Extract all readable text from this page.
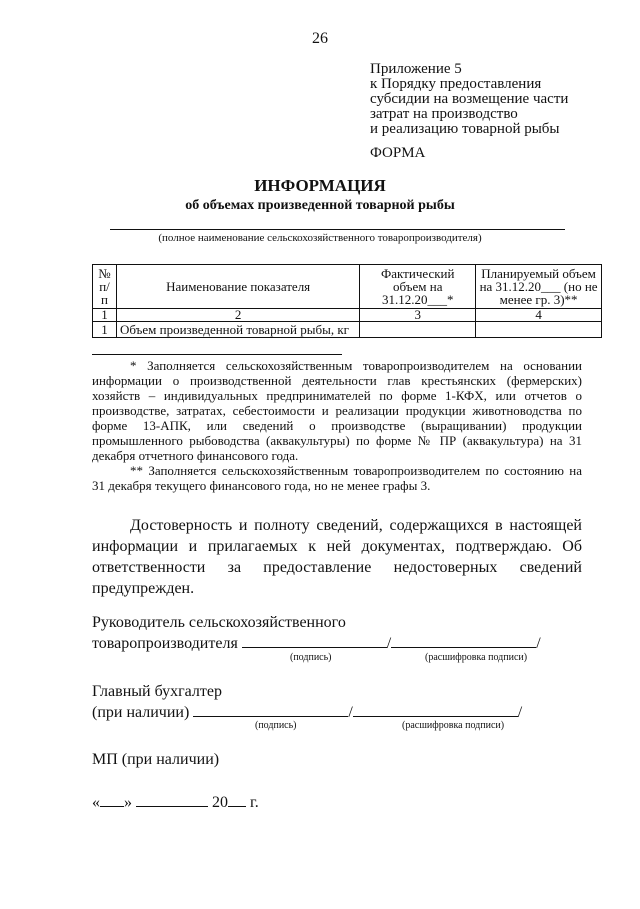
26
Приложение 5
к Порядку предоставления
субсидии на возмещение части
затрат на производство
и реализацию товарной рыбы
ФОРМА
ИНФОРМАЦИЯ
об объемах произведенной товарной рыбы
(полное наименование сельскохозяйственного товаропроизводителя)
№ п/п	Наименование показателя	Фактический объем на 31.12.20___*	Планируемый объем на 31.12.20___ (но не менее гр. 3)**
1	2	3	4
1	Объем произведенной товарной рыбы, кг		

* Заполняется сельскохозяйственным товаропроизводителем на основании информации о производственной деятельности глав крестьянских (фермерских) хозяйств – индивидуальных предпринимателей по форме 1-КФХ, или отчетов о производстве, затратах, себестоимости и реализации продукции животноводства по форме 13-АПК, или сведений о производстве (выращивании) продукции промышленного рыбоводства (аквакультуры) по форме № ПР (аквакультура) на 31 декабря отчетного финансового года.

** Заполняется сельскохозяйственным товаропроизводителем по состоянию на 31 декабря текущего финансового года, но не менее графы 3.

Достоверность и полноту сведений, содержащихся в настоящей информации и прилагаемых к ней документах, подтверждаю. Об ответственности за предоставление недостоверных сведений предупрежден.

Руководитель сельскохозяйственного
товаропроизводителя	/	/
(подпись)	(расшифровка подписи)
Главный бухгалтер
(при наличии)	/	/
(подпись)	(расшифровка подписи)
МП (при наличии)
« »	20 г.
